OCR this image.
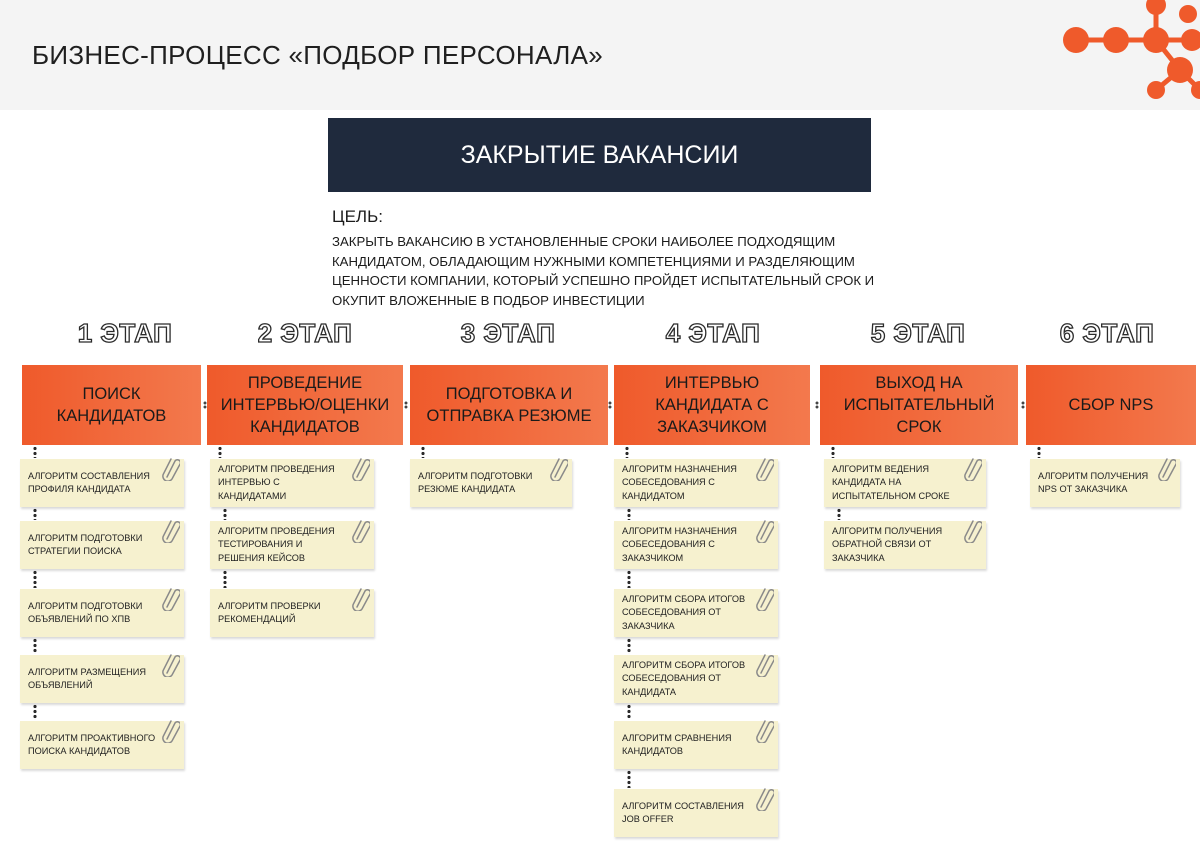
БИЗНЕС-ПРОЦЕСС «ПОДБОР ПЕРСОНАЛА»
ЗАКРЫТИЕ ВАКАНСИИ
ЦЕЛЬ:
ЗАКРЫТЬ ВАКАНСИЮ В УСТАНОВЛЕННЫЕ СРОКИ НАИБОЛЕЕ ПОДХОДЯЩИМ КАНДИДАТОМ, ОБЛАДАЮЩИМ НУЖНЫМИ КОМПЕТЕНЦИЯМИ И РАЗДЕЛЯЮЩИМ ЦЕННОСТИ КОМПАНИИ, КОТОРЫЙ УСПЕШНО ПРОЙДЕТ ИСПЫТАТЕЛЬНЫЙ СРОК И ОКУПИТ ВЛОЖЕННЫЕ В ПОДБОР ИНВЕСТИЦИИ
1 ЭТАП
ПОИСК КАНДИДАТОВ
АЛГОРИТМ СОСТАВЛЕНИЯ ПРОФИЛЯ КАНДИДАТА
АЛГОРИТМ ПОДГОТОВКИ СТРАТЕГИИ ПОИСКА
АЛГОРИТМ ПОДГОТОВКИ ОБЪЯВЛЕНИЙ ПО ХПВ
АЛГОРИТМ РАЗМЕЩЕНИЯ ОБЪЯВЛЕНИЙ
АЛГОРИТМ ПРОАКТИВНОГО ПОИСКА КАНДИДАТОВ
2 ЭТАП
ПРОВЕДЕНИЕ ИНТЕРВЬЮ/ОЦЕНКИ КАНДИДАТОВ
АЛГОРИТМ ПРОВЕДЕНИЯ ИНТЕРВЬЮ С КАНДИДАТАМИ
АЛГОРИТМ ПРОВЕДЕНИЯ ТЕСТИРОВАНИЯ И РЕШЕНИЯ КЕЙСОВ
АЛГОРИТМ ПРОВЕРКИ РЕКОМЕНДАЦИЙ
3 ЭТАП
ПОДГОТОВКА И ОТПРАВКА РЕЗЮМЕ
АЛГОРИТМ ПОДГОТОВКИ РЕЗЮМЕ КАНДИДАТА
4 ЭТАП
ИНТЕРВЬЮ КАНДИДАТА С ЗАКАЗЧИКОМ
АЛГОРИТМ НАЗНАЧЕНИЯ СОБЕСЕДОВАНИЯ С КАНДИДАТОМ
АЛГОРИТМ НАЗНАЧЕНИЯ СОБЕСЕДОВАНИЯ С ЗАКАЗЧИКОМ
АЛГОРИТМ СБОРА ИТОГОВ СОБЕСЕДОВАНИЯ ОТ ЗАКАЗЧИКА
АЛГОРИТМ СБОРА ИТОГОВ СОБЕСЕДОВАНИЯ ОТ КАНДИДАТА
АЛГОРИТМ СРАВНЕНИЯ КАНДИДАТОВ
АЛГОРИТМ СОСТАВЛЕНИЯ JOB OFFER
5 ЭТАП
ВЫХОД НА ИСПЫТАТЕЛЬНЫЙ СРОК
АЛГОРИТМ ВЕДЕНИЯ КАНДИДАТА НА ИСПЫТАТЕЛЬНОМ СРОКЕ
АЛГОРИТМ ПОЛУЧЕНИЯ ОБРАТНОЙ СВЯЗИ ОТ ЗАКАЗЧИКА
6 ЭТАП
СБОР NPS
АЛГОРИТМ ПОЛУЧЕНИЯ NPS ОТ ЗАКАЗЧИКА
